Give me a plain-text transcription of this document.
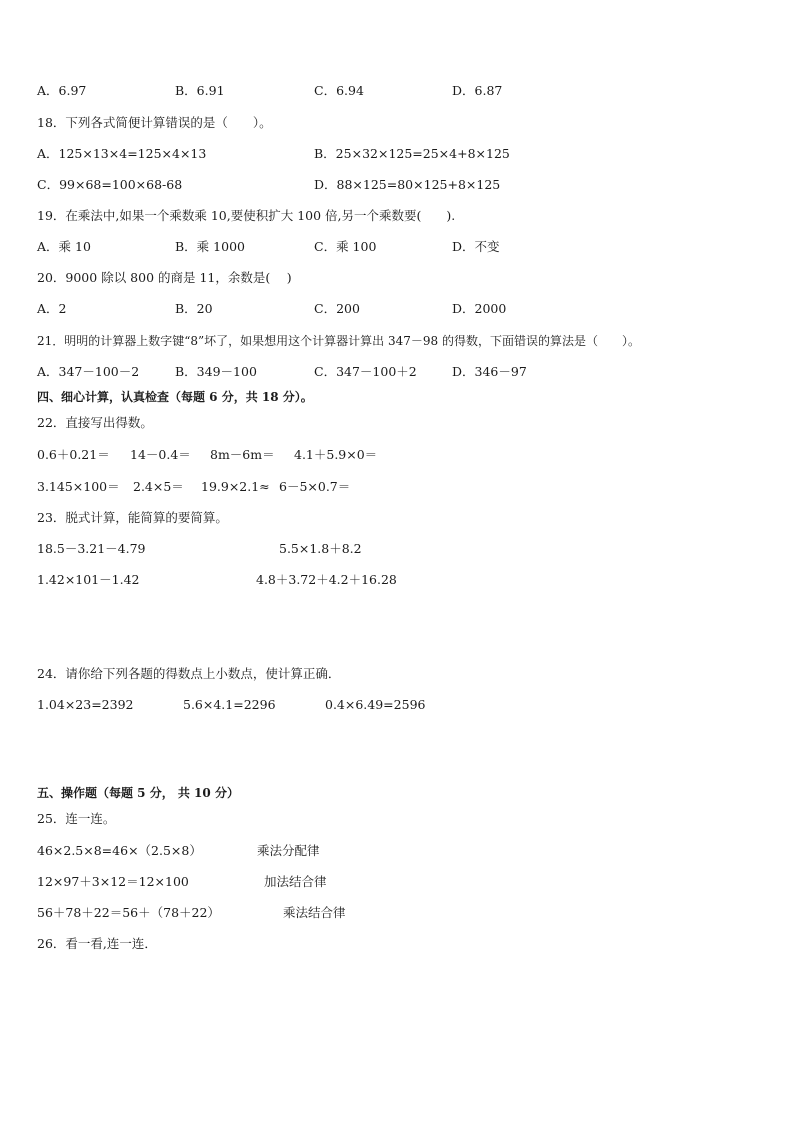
A．6.97	B．6.91	C．6.94	D．6.87
18．下列各式简便计算错误的是（　　）。
A．125×13×4=125×4×13	B．25×32×125=25×4+8×125
C．99×68=100×68-68	D．88×125=80×125+8×125
19．在乘法中,如果一个乘数乘 10,要使积扩大 100 倍,另一个乘数要(　　).
A．乘 10	B．乘 1000	C．乘 100	D．不变
20．9000 除以 800 的商是 11，余数是(　 )
A．2	B．20	C．200	D．2000
21．明明的计算器上数字键“8”坏了，如果想用这个计算器计算出 347－98 的得数，下面错误的算法是（　　）。
A．347－100－2	B．349－100	C．347－100＋2	D．346－97
四、细心计算，认真检查（每题 6 分，共 18 分）。
22．直接写出得数。
0.6＋0.21＝ 14－0.4＝ 8m－6m＝ 4.1＋5.9×0＝
3.145×100＝ 2.4×5＝ 19.9×2.1≈ 6－5×0.7＝
23．脱式计算，能简算的要简算。
18.5－3.21－4.79	5.5×1.8＋8.2
1.42×101－1.42	4.8＋3.72＋4.2＋16.28
24．请你给下列各题的得数点上小数点，使计算正确．
1.04×23=2392	5.6×4.1=2296	0.4×6.49=2596
五、操作题（每题 5 分， 共 10 分）
25．连一连。
46×2.5×8=46×（2.5×8）	乘法分配律
12×97＋3×12＝12×100	加法结合律
56＋78＋22＝56＋（78＋22）	乘法结合律
26．看一看,连一连．
